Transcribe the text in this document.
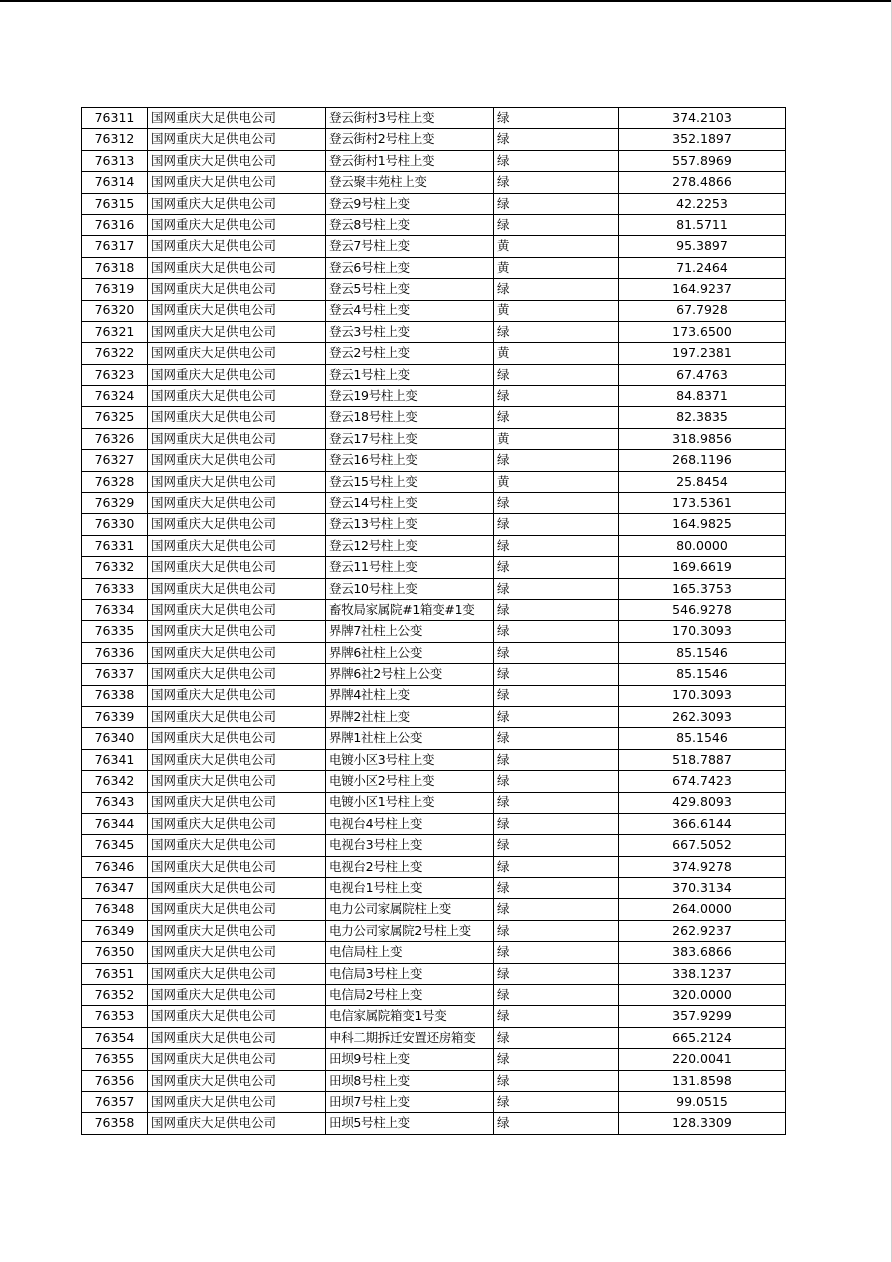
76311	国网重庆大足供电公司	登云街村3号柱上变	绿	374.2103
76312	国网重庆大足供电公司	登云街村2号柱上变	绿	352.1897
76313	国网重庆大足供电公司	登云街村1号柱上变	绿	557.8969
76314	国网重庆大足供电公司	登云聚丰苑柱上变	绿	278.4866
76315	国网重庆大足供电公司	登云9号柱上变	绿	42.2253
76316	国网重庆大足供电公司	登云8号柱上变	绿	81.5711
76317	国网重庆大足供电公司	登云7号柱上变	黄	95.3897
76318	国网重庆大足供电公司	登云6号柱上变	黄	71.2464
76319	国网重庆大足供电公司	登云5号柱上变	绿	164.9237
76320	国网重庆大足供电公司	登云4号柱上变	黄	67.7928
76321	国网重庆大足供电公司	登云3号柱上变	绿	173.6500
76322	国网重庆大足供电公司	登云2号柱上变	黄	197.2381
76323	国网重庆大足供电公司	登云1号柱上变	绿	67.4763
76324	国网重庆大足供电公司	登云19号柱上变	绿	84.8371
76325	国网重庆大足供电公司	登云18号柱上变	绿	82.3835
76326	国网重庆大足供电公司	登云17号柱上变	黄	318.9856
76327	国网重庆大足供电公司	登云16号柱上变	绿	268.1196
76328	国网重庆大足供电公司	登云15号柱上变	黄	25.8454
76329	国网重庆大足供电公司	登云14号柱上变	绿	173.5361
76330	国网重庆大足供电公司	登云13号柱上变	绿	164.9825
76331	国网重庆大足供电公司	登云12号柱上变	绿	80.0000
76332	国网重庆大足供电公司	登云11号柱上变	绿	169.6619
76333	国网重庆大足供电公司	登云10号柱上变	绿	165.3753
76334	国网重庆大足供电公司	畜牧局家属院#1箱变#1变	绿	546.9278
76335	国网重庆大足供电公司	界牌7社柱上公变	绿	170.3093
76336	国网重庆大足供电公司	界牌6社柱上公变	绿	85.1546
76337	国网重庆大足供电公司	界牌6社2号柱上公变	绿	85.1546
76338	国网重庆大足供电公司	界牌4社柱上变	绿	170.3093
76339	国网重庆大足供电公司	界牌2社柱上变	绿	262.3093
76340	国网重庆大足供电公司	界牌1社柱上公变	绿	85.1546
76341	国网重庆大足供电公司	电镀小区3号柱上变	绿	518.7887
76342	国网重庆大足供电公司	电镀小区2号柱上变	绿	674.7423
76343	国网重庆大足供电公司	电镀小区1号柱上变	绿	429.8093
76344	国网重庆大足供电公司	电视台4号柱上变	绿	366.6144
76345	国网重庆大足供电公司	电视台3号柱上变	绿	667.5052
76346	国网重庆大足供电公司	电视台2号柱上变	绿	374.9278
76347	国网重庆大足供电公司	电视台1号柱上变	绿	370.3134
76348	国网重庆大足供电公司	电力公司家属院柱上变	绿	264.0000
76349	国网重庆大足供电公司	电力公司家属院2号柱上变	绿	262.9237
76350	国网重庆大足供电公司	电信局柱上变	绿	383.6866
76351	国网重庆大足供电公司	电信局3号柱上变	绿	338.1237
76352	国网重庆大足供电公司	电信局2号柱上变	绿	320.0000
76353	国网重庆大足供电公司	电信家属院箱变1号变	绿	357.9299
76354	国网重庆大足供电公司	申科二期拆迁安置还房箱变	绿	665.2124
76355	国网重庆大足供电公司	田坝9号柱上变	绿	220.0041
76356	国网重庆大足供电公司	田坝8号柱上变	绿	131.8598
76357	国网重庆大足供电公司	田坝7号柱上变	绿	99.0515
76358	国网重庆大足供电公司	田坝5号柱上变	绿	128.3309
